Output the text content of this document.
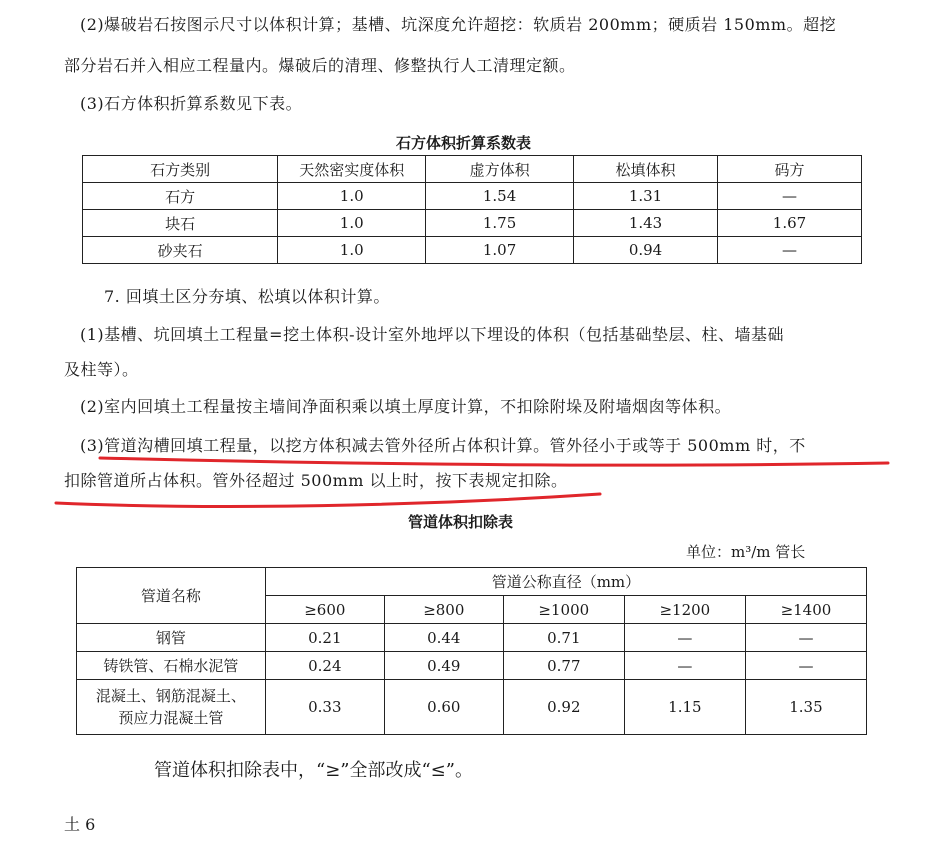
(2)爆破岩石按图示尺寸以体积计算；基槽、坑深度允许超挖：软质岩 200mm；硬质岩 150mm。超挖
部分岩石并入相应工程量内。爆破后的清理、修整执行人工清理定额。
(3)石方体积折算系数见下表。
石方体积折算系数表
石方类别	天然密实度体积	虚方体积	松填体积	码方
石方	1.0	1.54	1.31	—
块石	1.0	1.75	1.43	1.67
砂夹石	1.0	1.07	0.94	—
7. 回填土区分夯填、松填以体积计算。
(1)基槽、坑回填土工程量=挖土体积-设计室外地坪以下埋设的体积（包括基础垫层、柱、墙基础
及柱等）。
(2)室内回填土工程量按主墙间净面积乘以填土厚度计算，不扣除附垛及附墙烟囱等体积。
(3)管道沟槽回填工程量，以挖方体积减去管外径所占体积计算。管外径小于或等于 500mm 时，不
扣除管道所占体积。管外径超过 500mm 以上时，按下表规定扣除。
管道体积扣除表
单位：m³/m 管长
管道名称	管道公称直径（mm）				
	≥600	≥800	≥1000	≥1200	≥1400
钢管	0.21	0.44	0.71	—	—
铸铁管、石棉水泥管	0.24	0.49	0.77	—	—

混凝土、钢筋混凝土、
预应力混凝土管	0.33	0.60	0.92	1.15	1.35
管道体积扣除表中，“≥”全部改成“≤”。
土 6
